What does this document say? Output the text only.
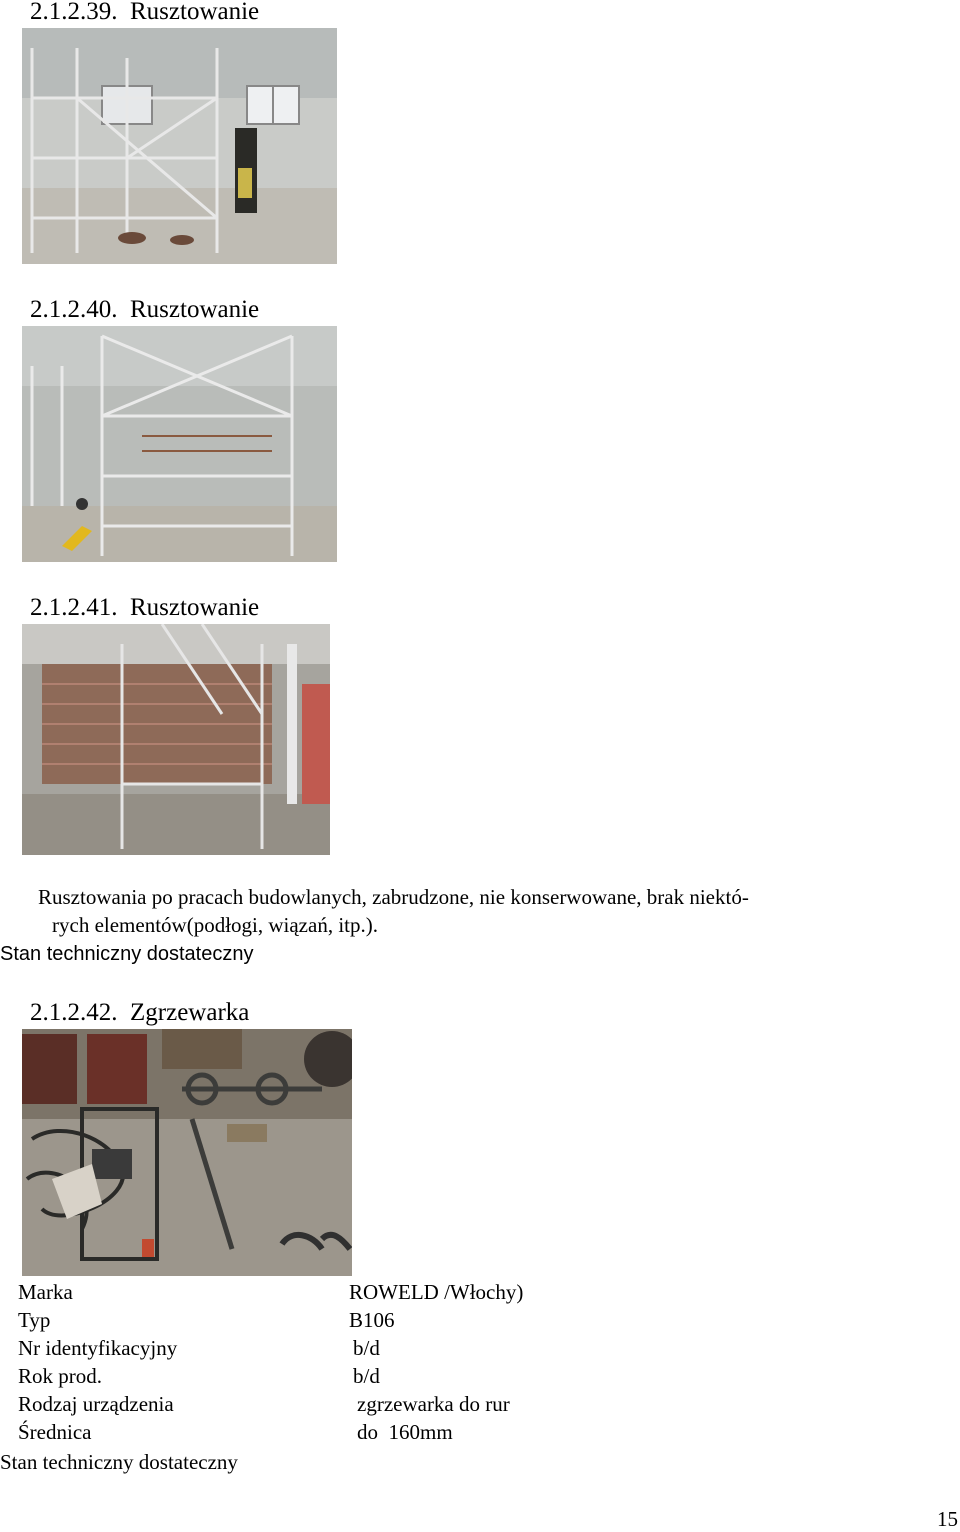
2.1.2.39. Rusztowanie
2.1.2.40. Rusztowanie
2.1.2.41. Rusztowanie
Rusztowania po pracach budowlanych, zabrudzone, nie konserwowane, brak niektó-
rych elementów(podłogi, wiązań, itp.).
Stan techniczny dostateczny
2.1.2.42. Zgrzewarka
Marka	ROWELD /Włochy)
Typ	B106
Nr identyfikacyjny	b/d
Rok prod.	b/d
Rodzaj urządzenia	zgrzewarka do rur
Średnica	do  160mm
Stan techniczny dostateczny
15
